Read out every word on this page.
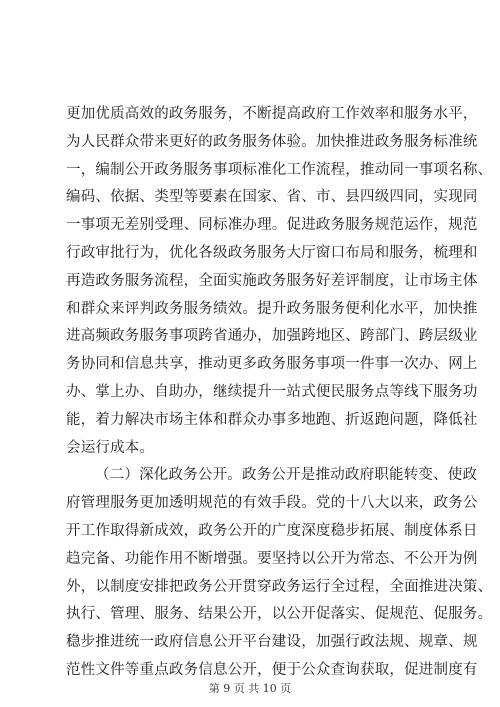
更加优质高效的政务服务，不断提高政府工作效率和服务水平，
为人民群众带来更好的政务服务体验。加快推进政务服务标准统
一，编制公开政务服务事项标准化工作流程，推动同一事项名称、
编码、依据、类型等要素在国家、省、市、县四级四同，实现同
一事项无差别受理、同标准办理。促进政务服务规范运作，规范
行政审批行为，优化各级政务服务大厅窗口布局和服务，梳理和
再造政务服务流程，全面实施政务服务好差评制度，让市场主体
和群众来评判政务服务绩效。提升政务服务便利化水平，加快推
进高频政务服务事项跨省通办，加强跨地区、跨部门、跨层级业
务协同和信息共享，推动更多政务服务事项一件事一次办、网上
办、掌上办、自助办，继续提升一站式便民服务点等线下服务功
能，着力解决市场主体和群众办事多地跑、折返跑问题，降低社
会运行成本。
（二）深化政务公开。政务公开是推动政府职能转变、使政
府管理服务更加透明规范的有效手段。党的十八大以来，政务公
开工作取得新成效，政务公开的广度深度稳步拓展、制度体系日
趋完备、功能作用不断增强。要坚持以公开为常态、不公开为例
外，以制度安排把政务公开贯穿政务运行全过程，全面推进决策、
执行、管理、服务、结果公开，以公开促落实、促规范、促服务。
稳步推进统一政府信息公开平台建设，加强行政法规、规章、规
范性文件等重点政务信息公开，便于公众查询获取，促进制度有
第 9 页 共 10 页
